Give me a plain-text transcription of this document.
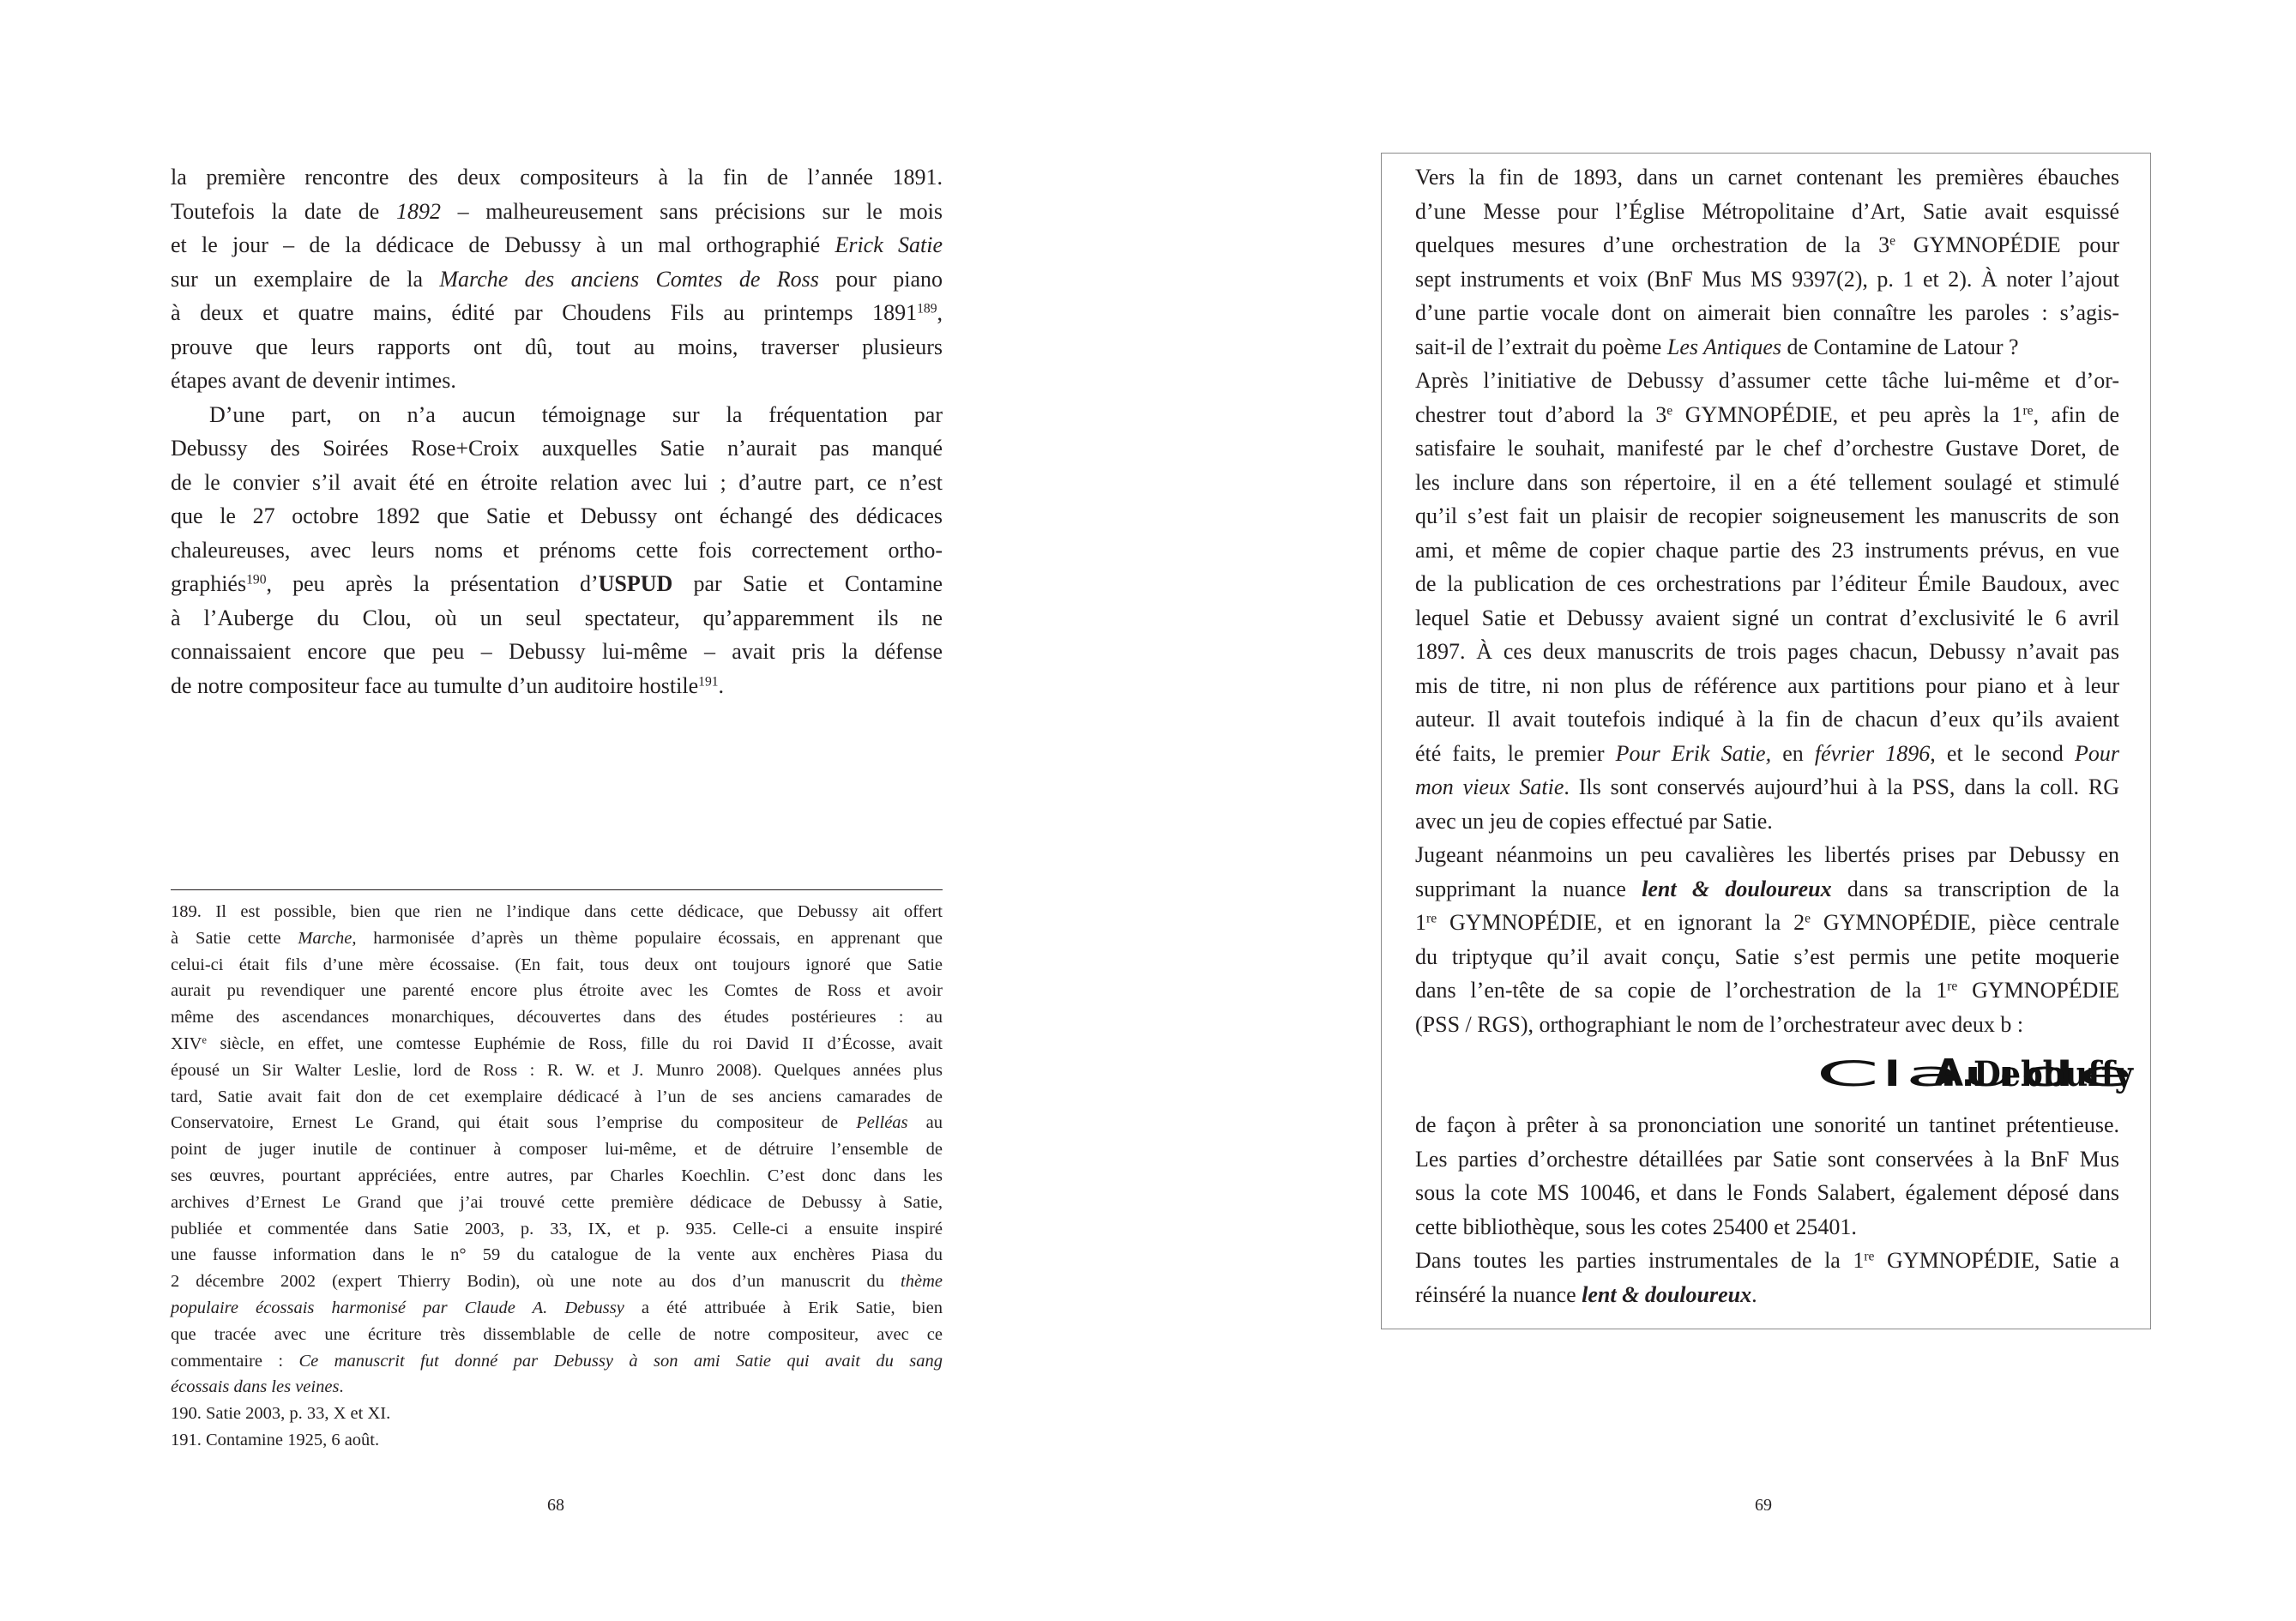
la première rencontre des deux compositeurs à la fin de l’année 1891.
Toutefois la date de 1892 – malheureusement sans précisions sur le mois
et le jour – de la dédicace de Debussy à un mal orthographié Erick Satie
sur un exemplaire de la Marche des anciens Comtes de Ross pour piano
à deux et quatre mains, édité par Choudens Fils au printemps 1891$^{189}$,
prouve que leurs rapports ont dû, tout au moins, traverser plusieurs
étapes avant de devenir intimes.
D’une part, on n’a aucun témoignage sur la fréquentation par
Debussy des Soirées Rose+Croix auxquelles Satie n’aurait pas manqué
de le convier s’il avait été en étroite relation avec lui ; d’autre part, ce n’est
que le 27 octobre 1892 que Satie et Debussy ont échangé des dédicaces
chaleureuses, avec leurs noms et prénoms cette fois correctement ortho-
graphiés$^{190}$, peu après la présentation d’USPUD par Satie et Contamine
à l’Auberge du Clou, où un seul spectateur, qu’apparemment ils ne
connaissaient encore que peu – Debussy lui-même – avait pris la défense
de notre compositeur face au tumulte d’un auditoire hostile$^{191}$.
189. Il est possible, bien que rien ne l’indique dans cette dédicace, que Debussy ait offert
à Satie cette Marche, harmonisée d’après un thème populaire écossais, en apprenant que
celui-ci était fils d’une mère écossaise. (En fait, tous deux ont toujours ignoré que Satie
aurait pu revendiquer une parenté encore plus étroite avec les Comtes de Ross et avoir
même des ascendances monarchiques, découvertes dans des études postérieures : au
XIVe siècle, en effet, une comtesse Euphémie de Ross, fille du roi David II d’Écosse, avait
épousé un Sir Walter Leslie, lord de Ross : R. W. et J. Munro 2008). Quelques années plus
tard, Satie avait fait don de cet exemplaire dédicacé à l’un de ses anciens camarades de
Conservatoire, Ernest Le Grand, qui était sous l’emprise du compositeur de Pelléas au
point de juger inutile de continuer à composer lui-même, et de détruire l’ensemble de
ses œuvres, pourtant appréciées, entre autres, par Charles Koechlin. C’est donc dans les
archives d’Ernest Le Grand que j’ai trouvé cette première dédicace de Debussy à Satie,
publiée et commentée dans Satie 2003, p. 33, IX, et p. 935. Celle-ci a ensuite inspiré
une fausse information dans le n° 59 du catalogue de la vente aux enchères Piasa du
2 décembre 2002 (expert Thierry Bodin), où une note au dos d’un manuscrit du thème
populaire écossais harmonisé par Claude A. Debussy a été attribuée à Erik Satie, bien
que tracée avec une écriture très dissemblable de celle de notre compositeur, avec ce
commentaire : Ce manuscrit fut donné par Debussy à son ami Satie qui avait du sang
écossais dans les veines.
190. Satie 2003, p. 33, X et XI.
191. Contamine 1925, 6 août.
68
Vers la fin de 1893, dans un carnet contenant les premières ébauches
d’une Messe pour l’Église Métropolitaine d’Art, Satie avait esquissé
quelques mesures d’une orchestration de la 3e GYMNOPÉDIE pour
sept instruments et voix (BnF Mus MS 9397(2), p. 1 et 2). À noter l’ajout
d’une partie vocale dont on aimerait bien connaître les paroles : s’agis-
sait-il de l’extrait du poème Les Antiques de Contamine de Latour ?
Après l’initiative de Debussy d’assumer cette tâche lui-même et d’or-
chestrer tout d’abord la 3e GYMNOPÉDIE, et peu après la 1re, afin de
satisfaire le souhait, manifesté par le chef d’orchestre Gustave Doret, de
les inclure dans son répertoire, il en a été tellement soulagé et stimulé
qu’il s’est fait un plaisir de recopier soigneusement les manuscrits de son
ami, et même de copier chaque partie des 23 instruments prévus, en vue
de la publication de ces orchestrations par l’éditeur Émile Baudoux, avec
lequel Satie et Debussy avaient signé un contrat d’exclusivité le 6 avril
1897. À ces deux manuscrits de trois pages chacun, Debussy n’avait pas
mis de titre, ni non plus de référence aux partitions pour piano et à leur
auteur. Il avait toutefois indiqué à la fin de chacun d’eux qu’ils avaient
été faits, le premier Pour Erik Satie, en février 1896, et le second Pour
mon vieux Satie. Ils sont conservés aujourd’hui à la PSS, dans la coll. RG
avec un jeu de copies effectué par Satie.
Jugeant néanmoins un peu cavalières les libertés prises par Debussy en
supprimant la nuance lent & douloureux dans sa transcription de la
1re GYMNOPÉDIE, et en ignorant la 2e GYMNOPÉDIE, pièce centrale
du triptyque qu’il avait conçu, Satie s’est permis une petite moquerie
dans l’en-tête de sa copie de l’orchestration de la 1re GYMNOPÉDIE
(PSS / RGS), orthographiant le nom de l’orchestrateur avec deux b :
Claude
A
.
Debbuſſy
de façon à prêter à sa prononciation une sonorité un tantinet prétentieuse.
Les parties d’orchestre détaillées par Satie sont conservées à la BnF Mus
sous la cote MS 10046, et dans le Fonds Salabert, également déposé dans
cette bibliothèque, sous les cotes 25400 et 25401.
Dans toutes les parties instrumentales de la 1re GYMNOPÉDIE, Satie a
réinséré la nuance lent & douloureux.
69
